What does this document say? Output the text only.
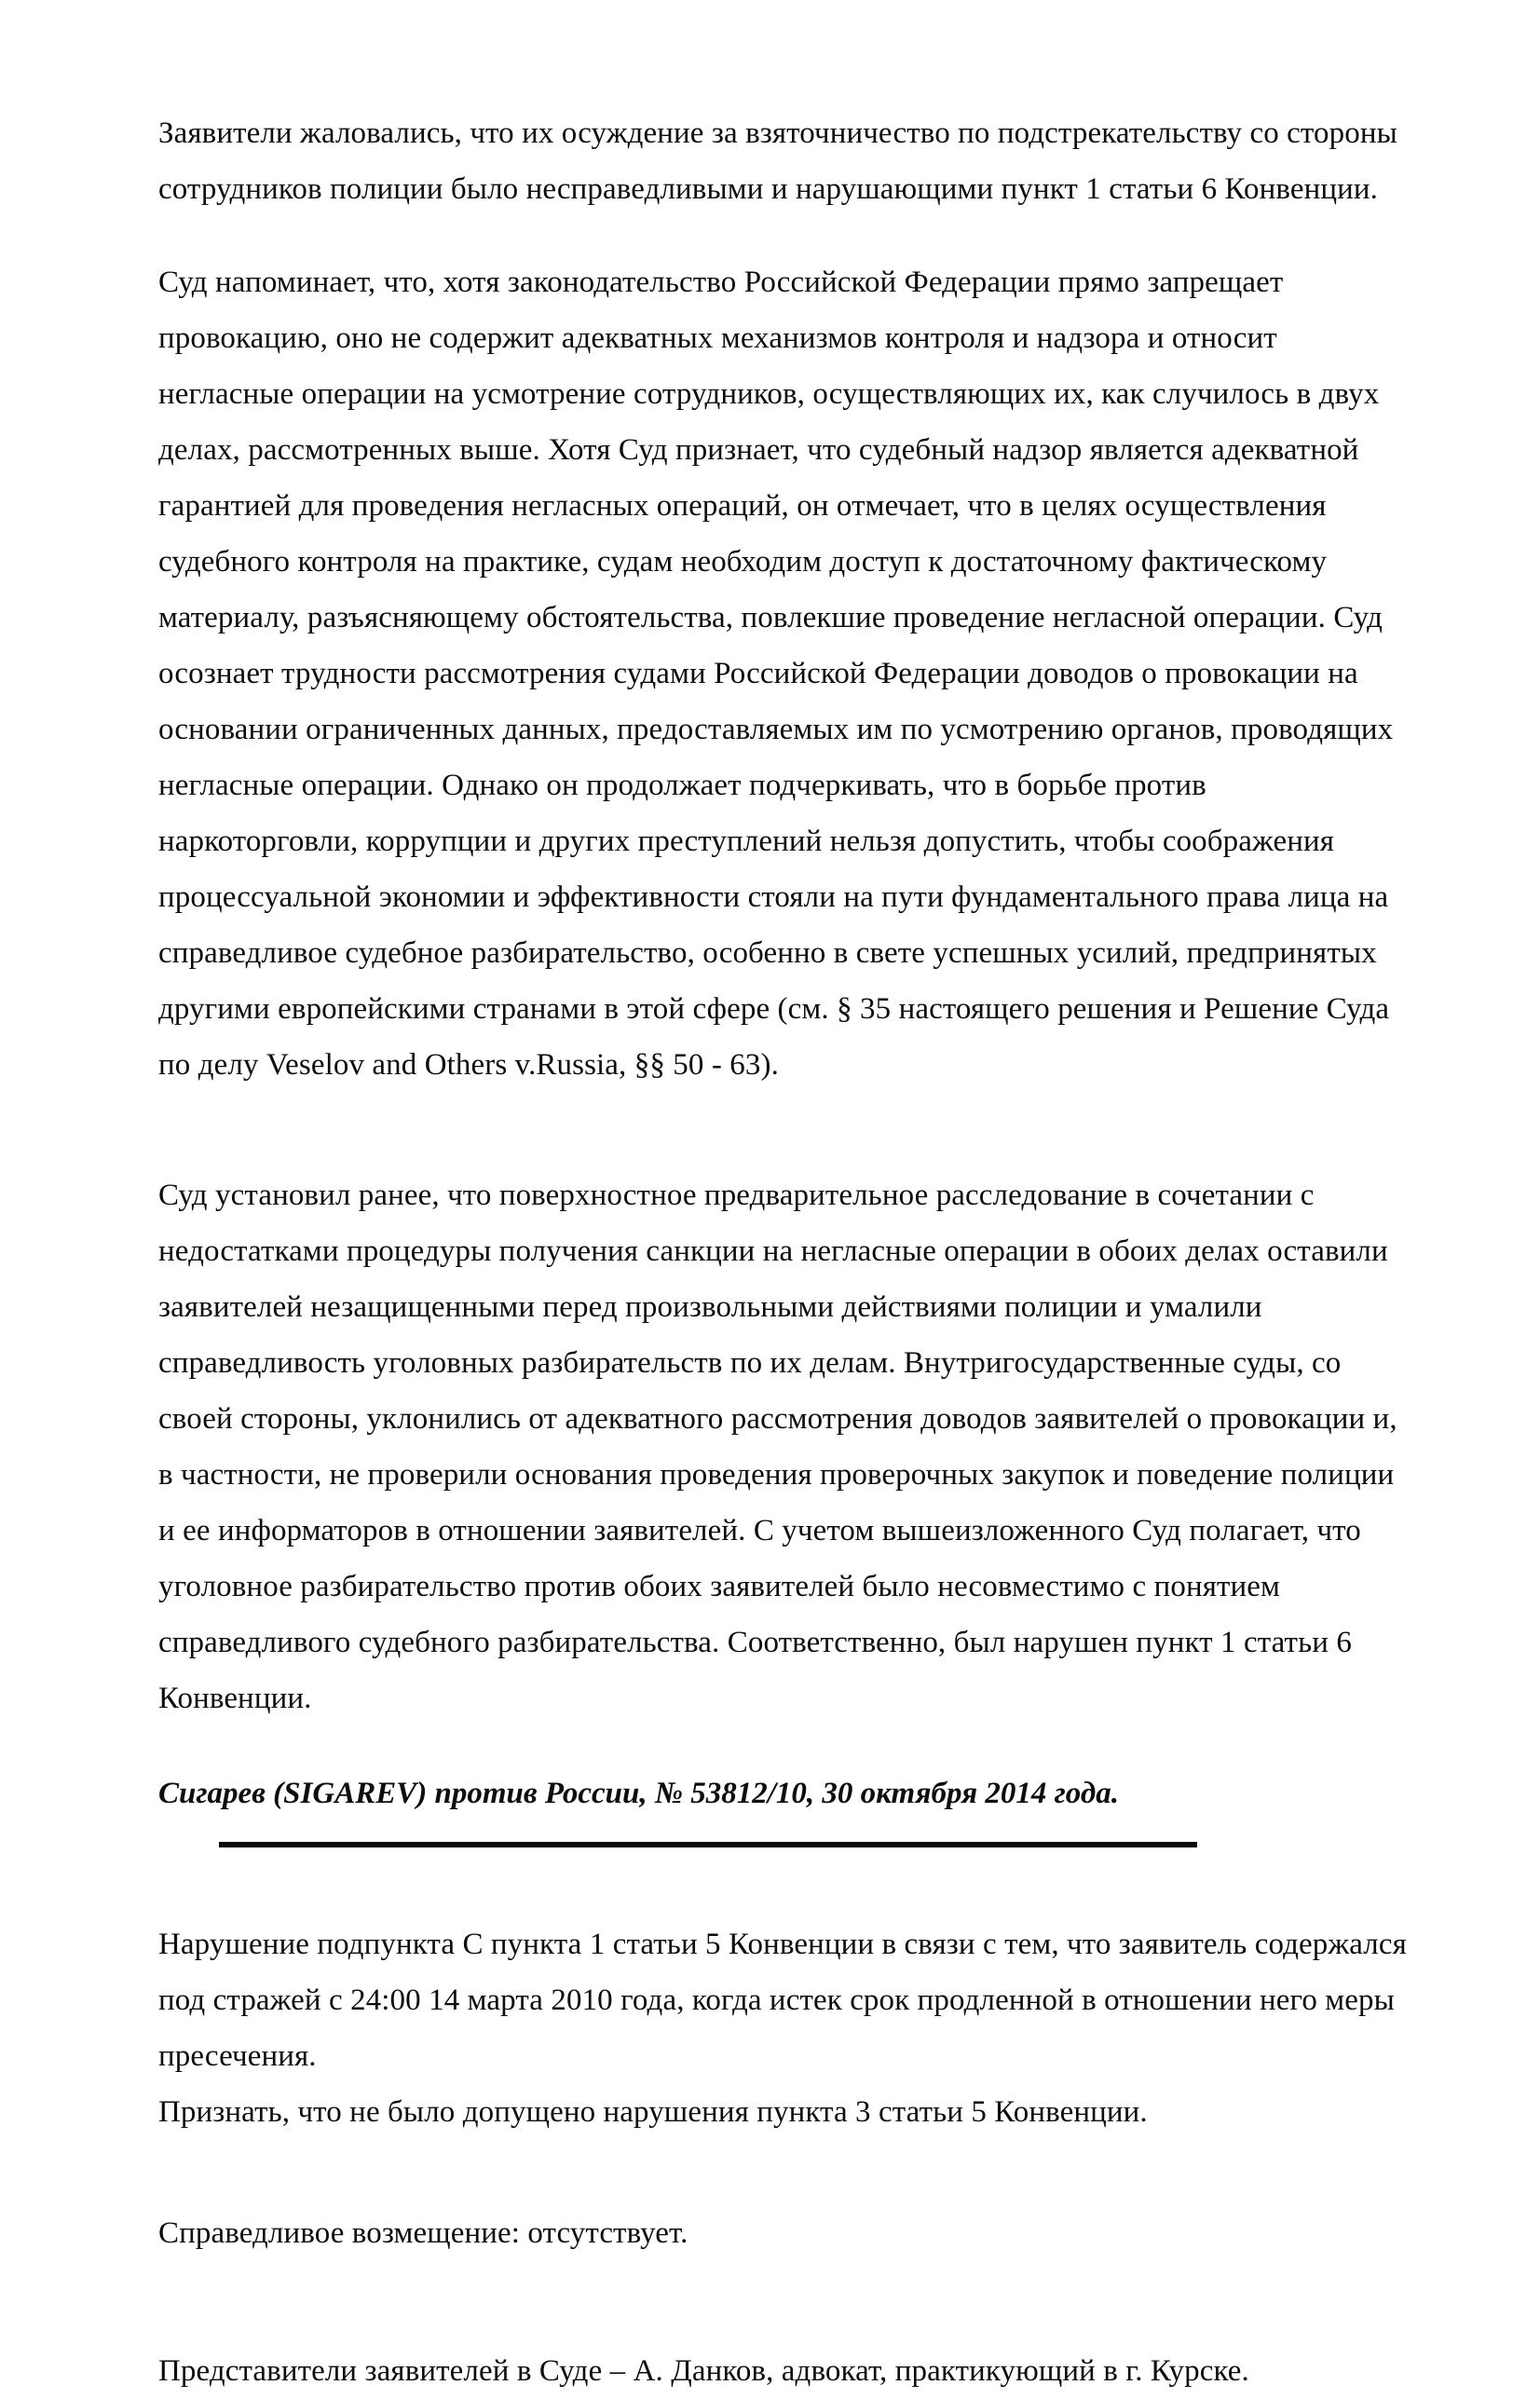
Заявители жаловались, что их осуждение за взяточничество по подстрекательству со стороны сотрудников полиции было несправедливыми и нарушающими пункт 1 статьи 6 Конвенции.

Суд напоминает, что, хотя законодательство Российской Федерации прямо запрещает провокацию, оно не содержит адекватных механизмов контроля и надзора и относит негласные операции на усмотрение сотрудников, осуществляющих их, как случилось в двух делах, рассмотренных выше. Хотя Суд признает, что судебный надзор является адекватной гарантией для проведения негласных операций, он отмечает, что в целях осуществления судебного контроля на практике, судам необходим доступ к достаточному фактическому материалу, разъясняющему обстоятельства, повлекшие проведение негласной операции. Суд осознает трудности рассмотрения судами Российской Федерации доводов о провокации на основании ограниченных данных, предоставляемых им по усмотрению органов, проводящих негласные операции. Однако он продолжает подчеркивать, что в борьбе против наркоторговли, коррупции и других преступлений нельзя допустить, чтобы соображения процессуальной экономии и эффективности стояли на пути фундаментального права лица на справедливое судебное разбирательство, особенно в свете успешных усилий, предпринятых другими европейскими странами в этой сфере (см. § 35 настоящего решения и Решение Суда по делу Veselov and Others v.Russia, §§ 50 - 63).

Суд установил ранее, что поверхностное предварительное расследование в сочетании с недостатками процедуры получения санкции на негласные операции в обоих делах оставили заявителей незащищенными перед произвольными действиями полиции и умалили справедливость уголовных разбирательств по их делам. Внутригосударственные суды, со своей стороны, уклонились от адекватного рассмотрения доводов заявителей о провокации и, в частности, не проверили основания проведения проверочных закупок и поведение полиции и ее информаторов в отношении заявителей. С учетом вышеизложенного Суд полагает, что уголовное разбирательство против обоих заявителей было несовместимо с понятием справедливого судебного разбирательства. Соответственно, был нарушен пункт 1 статьи 6 Конвенции.

Сигарев (SIGAREV) против России, № 53812/10, 30 октября 2014 года.

Нарушение подпункта С пункта 1 статьи 5 Конвенции в связи с тем, что заявитель содержался под стражей с 24:00 14 марта 2010 года, когда истек срок продленной в отношении него меры пресечения.

Признать, что не было допущено нарушения пункта 3 статьи 5 Конвенции.

Справедливое возмещение: отсутствует.

Представители заявителей в Суде – А. Данков, адвокат, практикующий в г. Курске.
